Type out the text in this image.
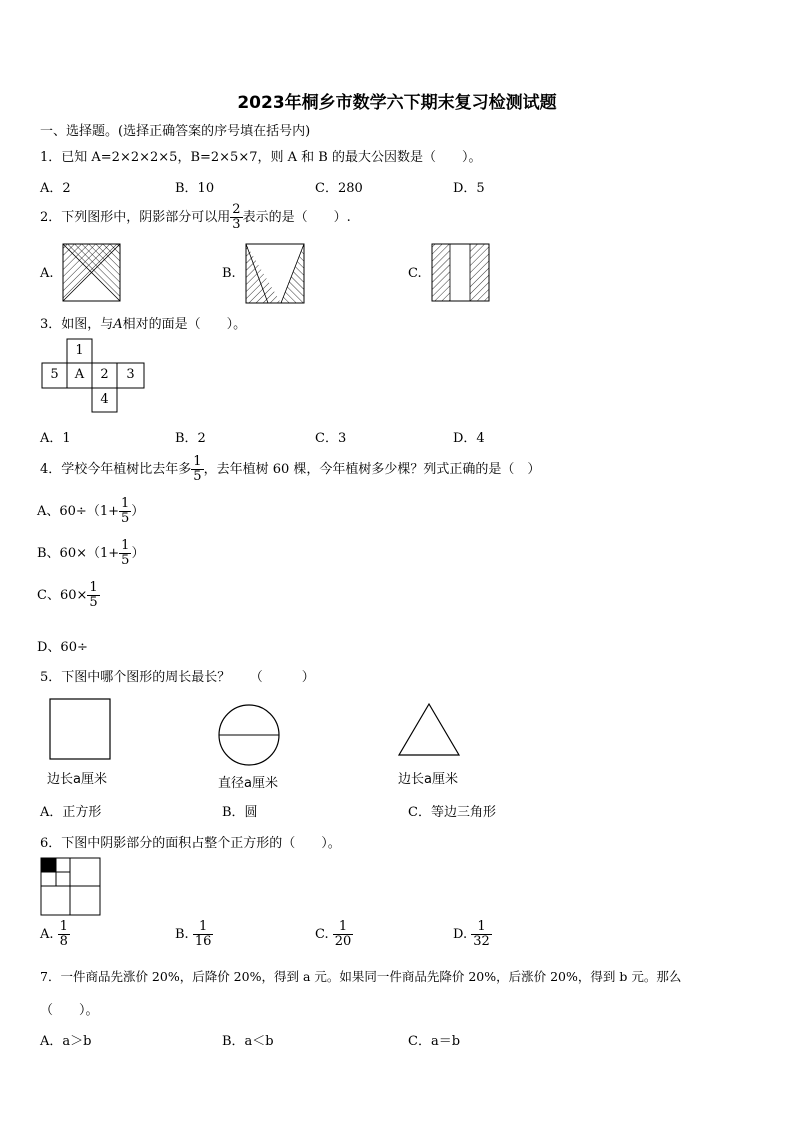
2023年桐乡市数学六下期末复习检测试题
一、选择题。(选择正确答案的序号填在括号内)
1．已知 A=2×2×2×5，B=2×5×7，则 A 和 B 的最大公因数是（　　）。
A．2	B．10	C．280	D．5
2．下列图形中，阴影部分可以用 $\frac{2}{3}$ 表示的是（　　）.
A.	B.	C.
3．如图，与A相对的面是（　　）。
1
5	A	2	3
4
A．1	B．2	C．3	D．4
4．学校今年植树比去年多 $\frac{1}{5}$ ，去年植树 60 棵，今年植树多少棵？列式正确的是（　）
A、$60\div(1+ \frac{1}{5}$ ）
B、$60\times(1+ \frac{1}{5}$ ）
C、$60\times \frac{1}{5}$
D、60÷
5．下图中哪个图形的周长最长？　　（　　　）
边长a厘米	直径a厘米	边长a厘米
A．正方形	B．圆	C．等边三角形
6．下图中阴影部分的面积占整个正方形的（　　）。
A. $\frac{1}{8}$	B. $\frac{1}{16}$	C. $\frac{1}{20}$	D. $\frac{1}{32}$
7．一件商品先涨价 20%，后降价 20%，得到 a 元。如果同一件商品先降价 20%，后涨价 20%，得到 b 元。那么
（　　）。
A．a＞b	B．a＜b	C．a＝b
